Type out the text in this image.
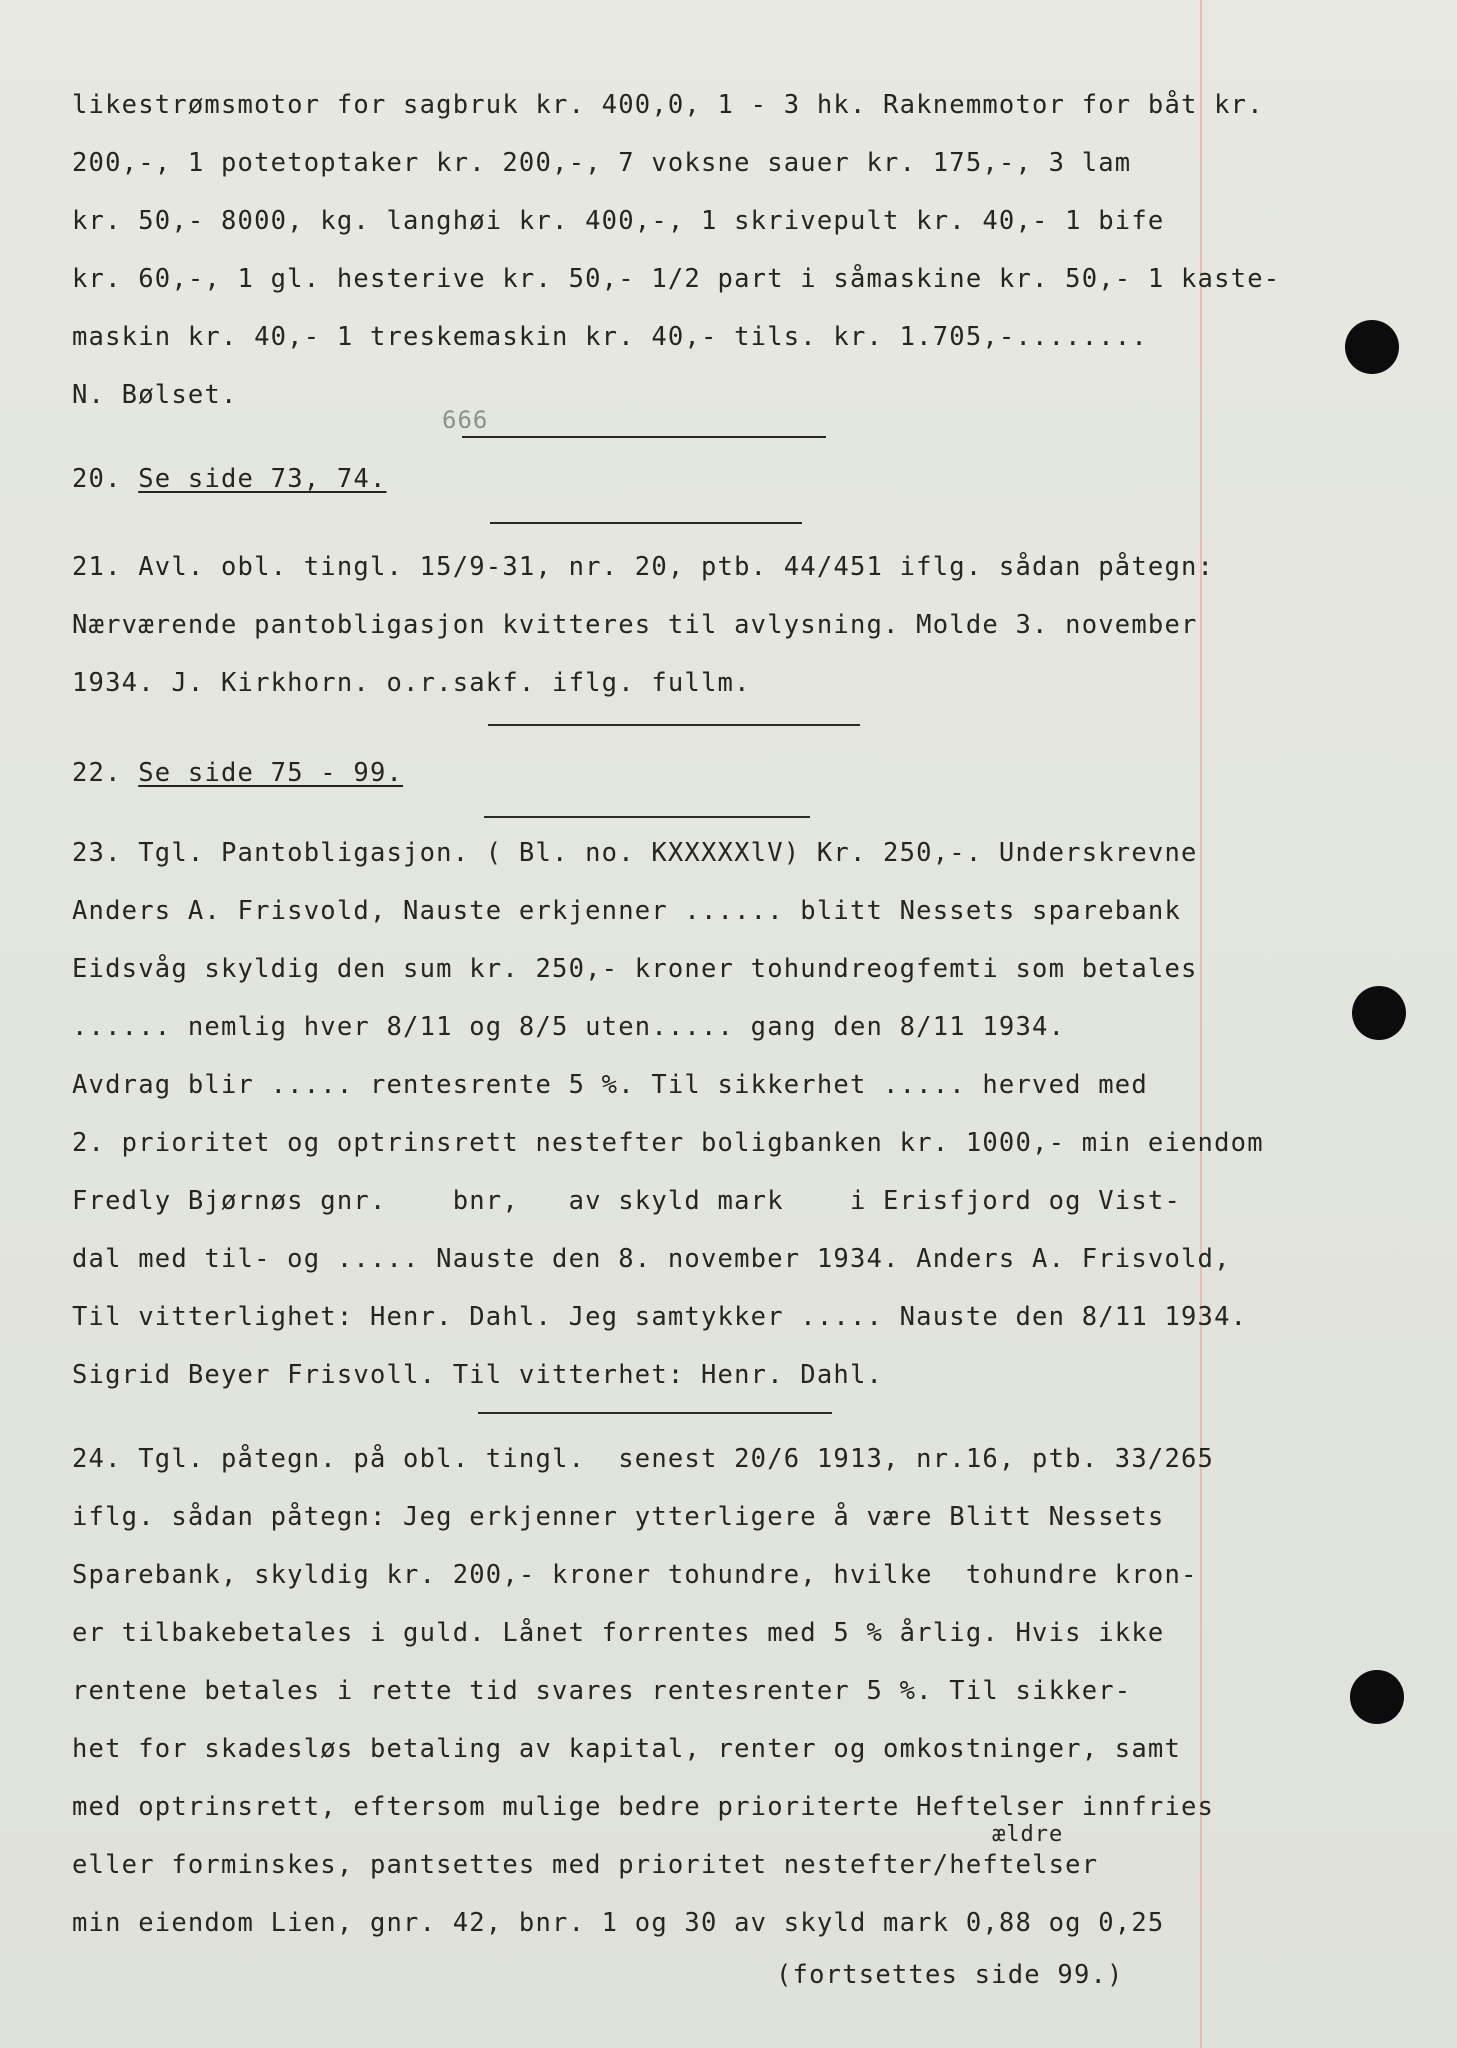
likestrømsmotor for sagbruk kr. 400,0, 1 - 3 hk. Raknemmotor for båt kr.
200,-, 1 potetoptaker kr. 200,-, 7 voksne sauer kr. 175,-, 3 lam
kr. 50,- 8000, kg. langhøi kr. 400,-, 1 skrivepult kr. 40,- 1 bife
kr. 60,-, 1 gl. hesterive kr. 50,- 1/2 part i såmaskine kr. 50,- 1 kaste-
maskin kr. 40,- 1 treskemaskin kr. 40,- tils. kr. 1.705,-........
N. Bølset.
666
20. Se side 73, 74.
21. Avl. obl. tingl. 15/9-31, nr. 20, ptb. 44/451 iflg. sådan påtegn:
Nærværende pantobligasjon kvitteres til avlysning. Molde 3. november
1934. J. Kirkhorn. o.r.sakf. iflg. fullm.
22. Se side 75 - 99.
23. Tgl. Pantobligasjon. ( Bl. no. KXXXXXlV) Kr. 250,-. Underskrevne
Anders A. Frisvold, Nauste erkjenner ...... blitt Nessets sparebank
Eidsvåg skyldig den sum kr. 250,- kroner tohundreogfemti som betales
...... nemlig hver 8/11 og 8/5 uten..... gang den 8/11 1934.
Avdrag blir ..... rentesrente 5 %. Til sikkerhet ..... herved med
2. prioritet og optrinsrett nestefter boligbanken kr. 1000,- min eiendom
Fredly Bjørnøs gnr.    bnr,   av skyld mark    i Erisfjord og Vist-
dal med til- og ..... Nauste den 8. november 1934. Anders A. Frisvold,
Til vitterlighet: Henr. Dahl. Jeg samtykker ..... Nauste den 8/11 1934.
Sigrid Beyer Frisvoll. Til vitterhet: Henr. Dahl.
24. Tgl. påtegn. på obl. tingl.  senest 20/6 1913, nr.16, ptb. 33/265
iflg. sådan påtegn: Jeg erkjenner ytterligere å være Blitt Nessets
Sparebank, skyldig kr. 200,- kroner tohundre, hvilke  tohundre kron-
er tilbakebetales i guld. Lånet forrentes med 5 % årlig. Hvis ikke
rentene betales i rette tid svares rentesrenter 5 %. Til sikker-
het for skadesløs betaling av kapital, renter og omkostninger, samt
med optrinsrett, eftersom mulige bedre prioriterte Heftelser innfries
ældre
eller forminskes, pantsettes med prioritet nestefter/heftelser
min eiendom Lien, gnr. 42, bnr. 1 og 30 av skyld mark 0,88 og 0,25
(fortsettes side 99.)
